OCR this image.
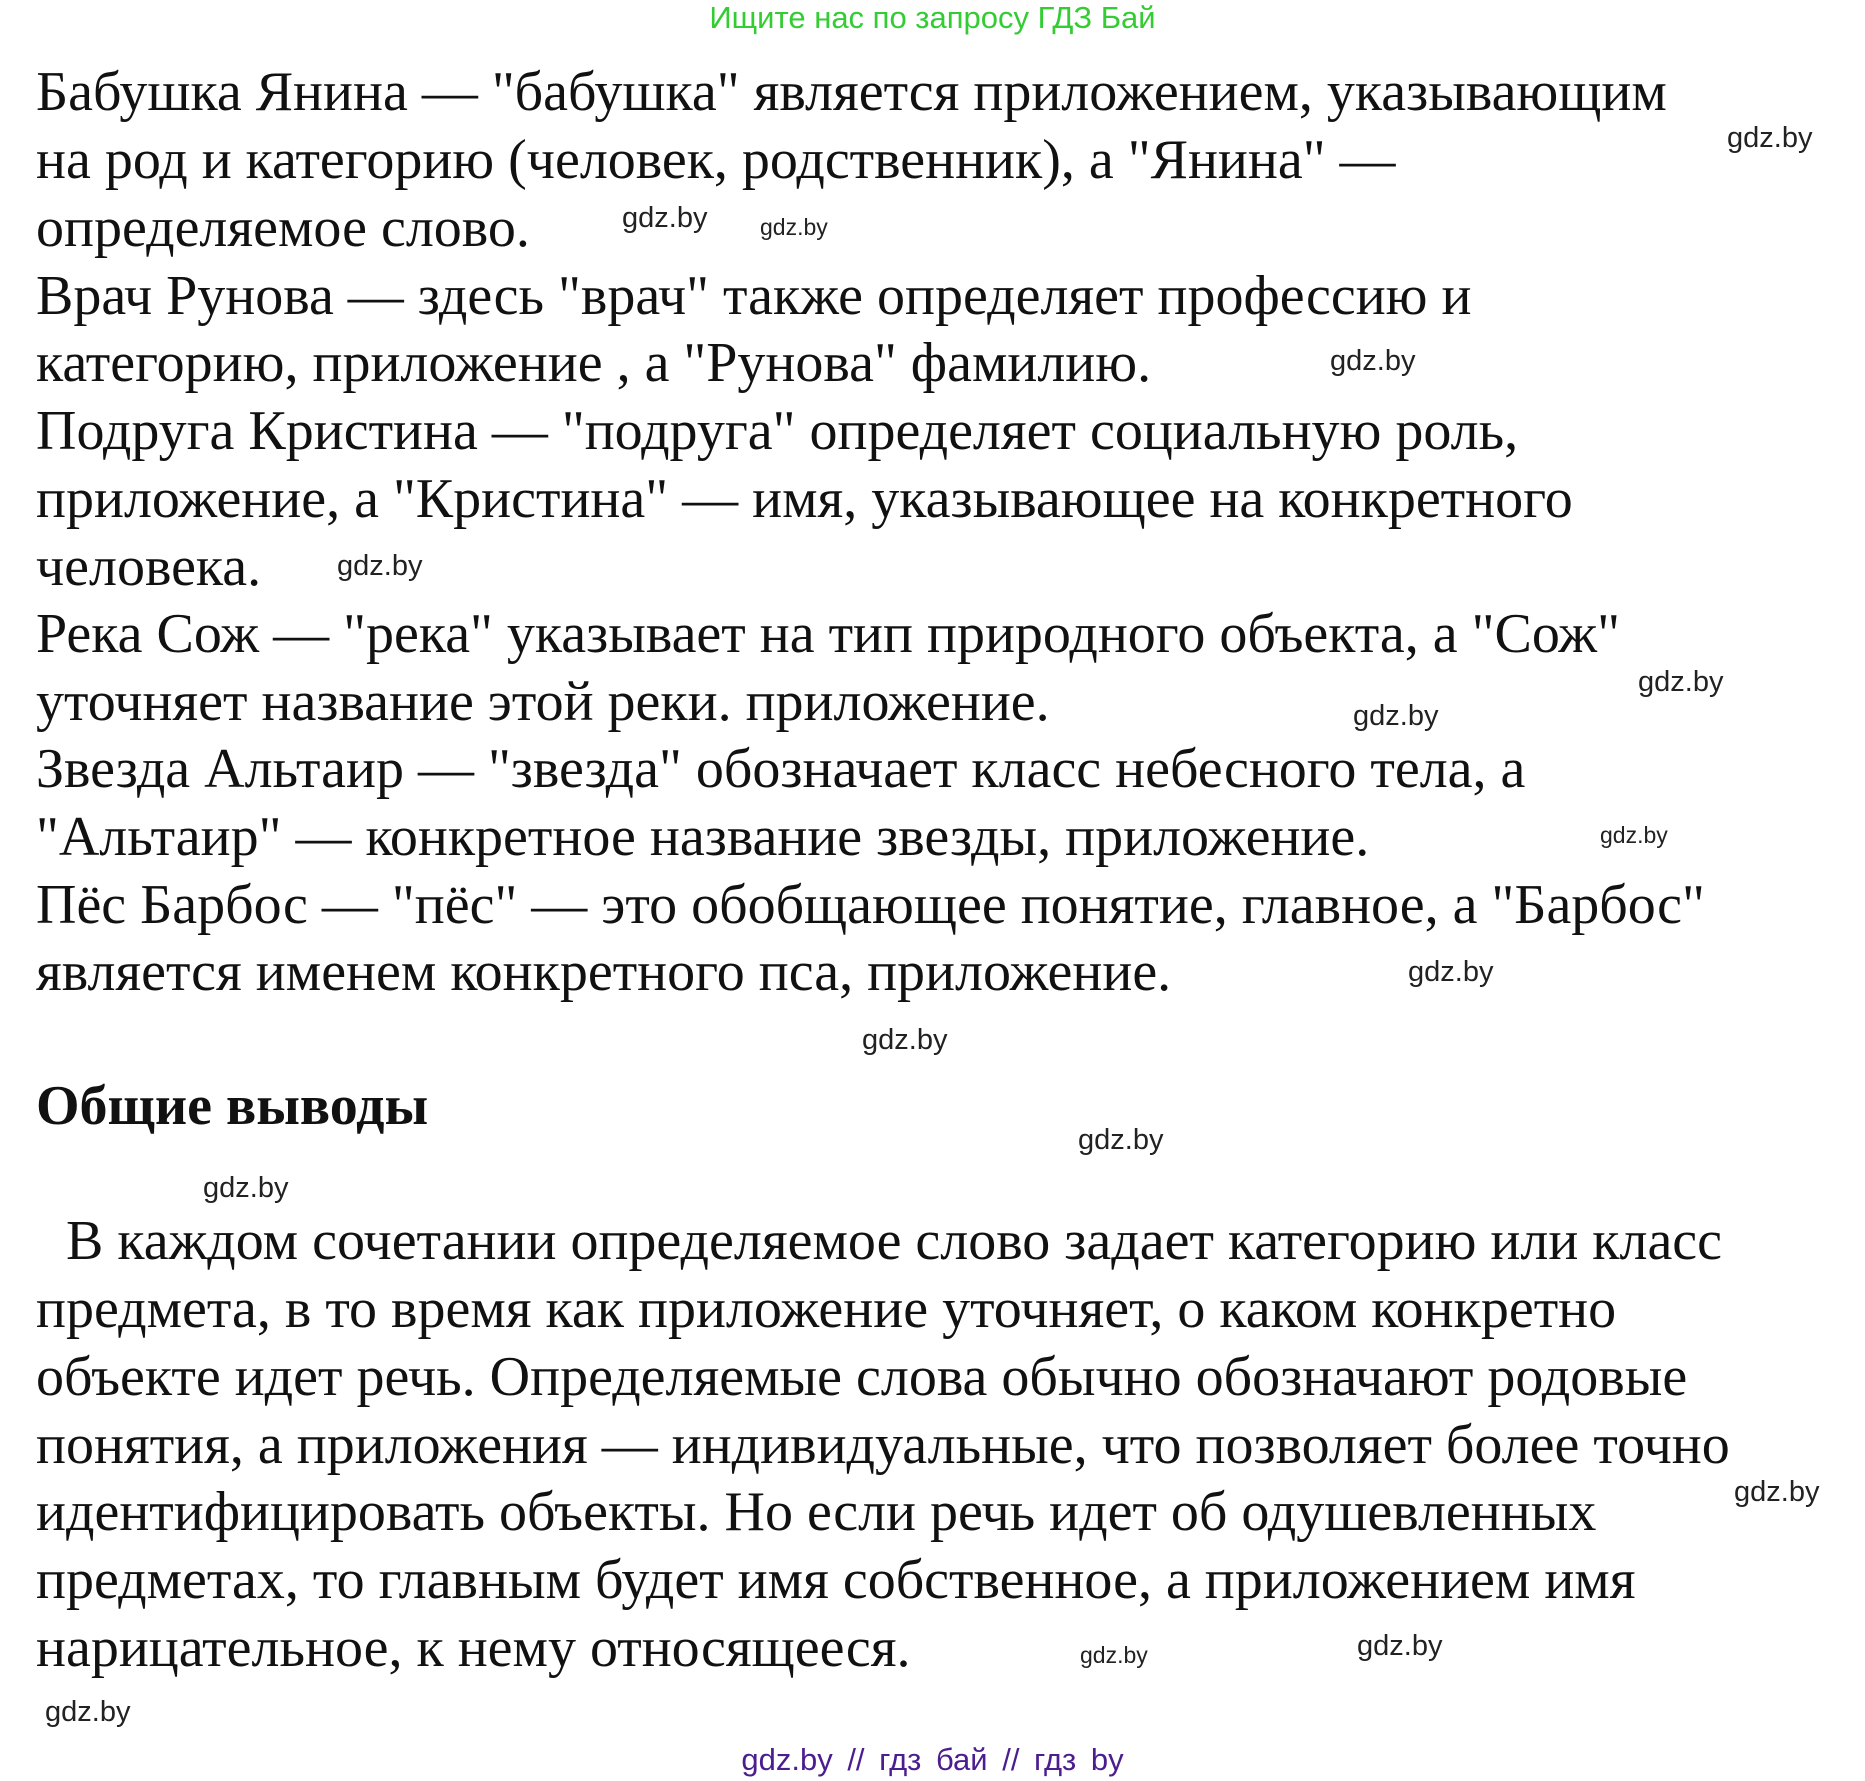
Ищите нас по запросу ГДЗ Бай
Бабушка Янина — "бабушка" является приложением, указывающим
на род и категорию (человек, родственник), а "Янина" —
определяемое слово.
Врач Рунова — здесь "врач" также определяет профессию и
категорию, приложение , а "Рунова" фамилию.
Подруга Кристина — "подруга" определяет социальную роль,
приложение, а "Кристина" — имя, указывающее на конкретного
человека.
Река Сож — "река" указывает на тип природного объекта, а "Сож"
уточняет название этой реки. приложение.
Звезда Альтаир — "звезда" обозначает класс небесного тела, а
"Альтаир" — конкретное название звезды, приложение.
Пёс Барбос — "пёс" — это обобщающее понятие, главное, а "Барбос"
является именем конкретного пса, приложение.
Общие выводы
В каждом сочетании определяемое слово задает категорию или класс
предмета, в то время как приложение уточняет, о каком конкретно
объекте идет речь. Определяемые слова обычно обозначают родовые
понятия, а приложения — индивидуальные, что позволяет более точно
идентифицировать объекты. Но если речь идет об одушевленных
предметах, то главным будет имя собственное, а приложением имя
нарицательное, к нему относящееся.
gdz.by
gdz.by gdz.by
gdz.by
gdz.by
gdz.by
gdz.by
gdz.by
gdz.by
gdz.by
gdz.by
gdz.by
gdz.by
gdz.by
gdz.by
gdz.by
gdz.by // гдз бай // гдз by
